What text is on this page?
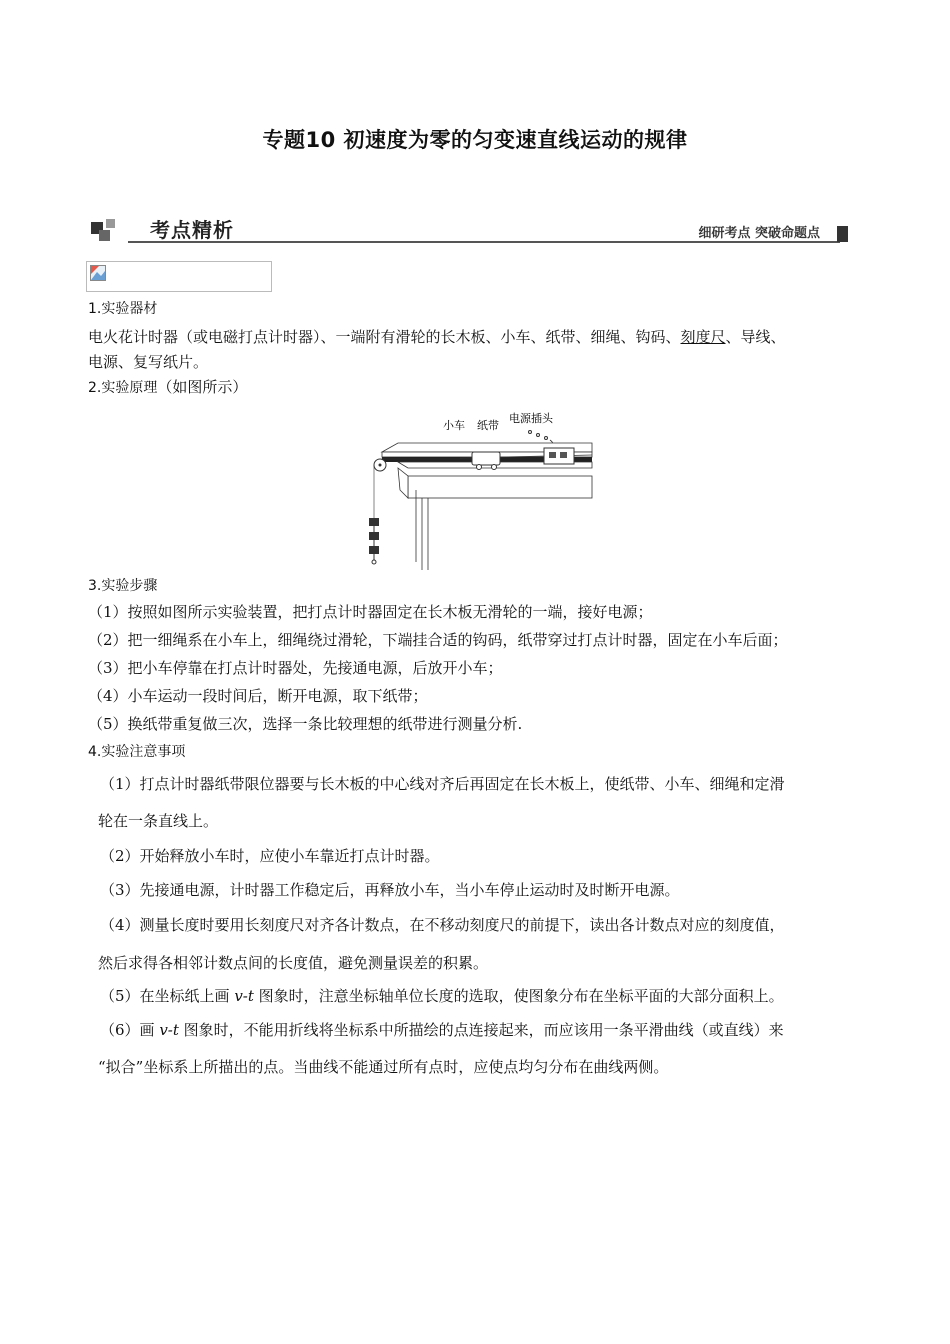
专题10 初速度为零的匀变速直线运动的规律
考点精析	细研考点 突破命题点
1.实验器材
电火花计时器（或电磁打点计时器）、一端附有滑轮的长木板、小车、纸带、细绳、钩码、刻度尺、导线、
电源、复写纸片。
2.实验原理（如图所示）
小车 纸带
电源插头
3.实验步骤
（1）按照如图所示实验装置，把打点计时器固定在长木板无滑轮的一端，接好电源；
（2）把一细绳系在小车上，细绳绕过滑轮，下端挂合适的钩码，纸带穿过打点计时器，固定在小车后面；
（3）把小车停靠在打点计时器处，先接通电源，后放开小车；
（4）小车运动一段时间后，断开电源，取下纸带；
（5）换纸带重复做三次，选择一条比较理想的纸带进行测量分析.
4.实验注意事项
（1）打点计时器纸带限位器要与长木板的中心线对齐后再固定在长木板上，使纸带、小车、细绳和定滑
轮在一条直线上。
（2）开始释放小车时，应使小车靠近打点计时器。
（3）先接通电源，计时器工作稳定后，再释放小车，当小车停止运动时及时断开电源。
（4）测量长度时要用长刻度尺对齐各计数点，在不移动刻度尺的前提下，读出各计数点对应的刻度值，
然后求得各相邻计数点间的长度值，避免测量误差的积累。
（5）在坐标纸上画 v-t 图象时，注意坐标轴单位长度的选取，使图象分布在坐标平面的大部分面积上。
（6）画 v-t 图象时，不能用折线将坐标系中所描绘的点连接起来，而应该用一条平滑曲线（或直线）来
“拟合”坐标系上所描出的点。当曲线不能通过所有点时，应使点均匀分布在曲线两侧。
